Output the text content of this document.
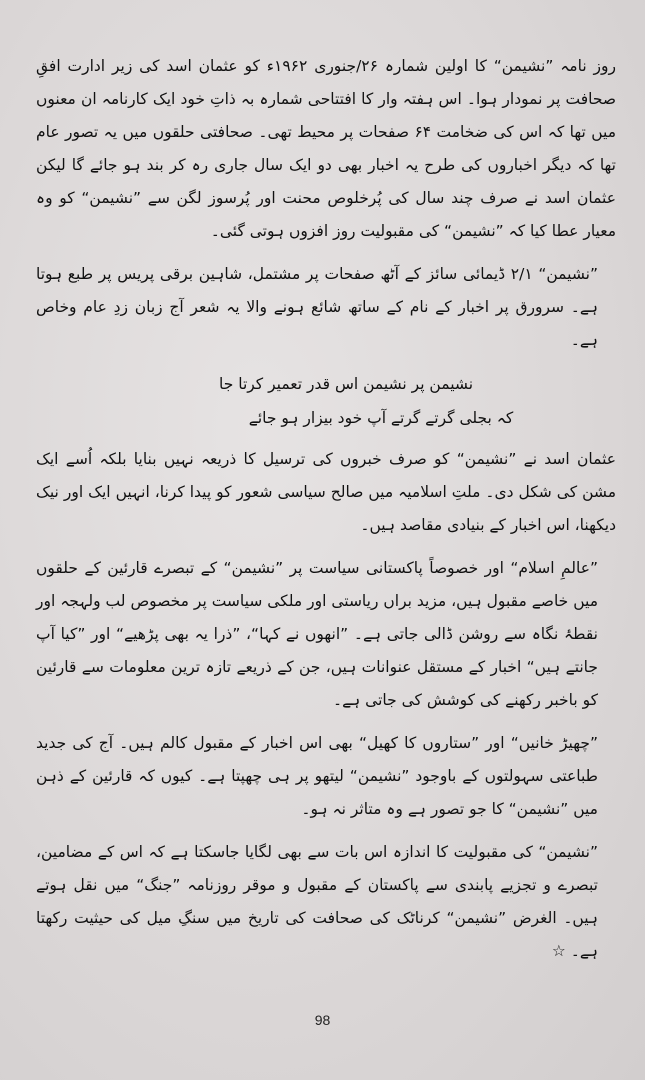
روز نامہ ”نشیمن“ کا اولین شمارہ ۲۶/جنوری ۱۹۶۲ء کو عثمان اسد کی زیر ادارت افقِ صحافت پر نمودار ہوا۔ اس ہفتہ وار کا افتتاحی شمارہ بہ ذاتِ خود ایک کارنامہ ان معنوں میں تھا کہ اس کی ضخامت ۶۴ صفحات پر محیط تھی۔ صحافتی حلقوں میں یہ تصور عام تھا کہ دیگر اخباروں کی طرح یہ اخبار بھی دو ایک سال جاری رہ کر بند ہو جائے گا لیکن عثمان اسد نے صرف چند سال کی پُرخلوص محنت اور پُرسوز لگن سے ”نشیمن“ کو وہ معیار عطا کیا کہ ”نشیمن“ کی مقبولیت روز افزوں ہوتی گئی۔

”نشیمن“ ۲/۱ ڈیمائی سائز کے آٹھ صفحات پر مشتمل، شاہین برقی پریس پر طبع ہوتا ہے۔ سرورق پر اخبار کے نام کے ساتھ شائع ہونے والا یہ شعر آج زبان زدِ عام وخاص ہے۔

نشیمن پر نشیمن اس قدر تعمیر کرتا جا
کہ بجلی گرتے گرتے آپ خود بیزار ہو جائے

عثمان اسد نے ”نشیمن“ کو صرف خبروں کی ترسیل کا ذریعہ نہیں بنایا بلکہ اُسے ایک مشن کی شکل دی۔ ملتِ اسلامیہ میں صالح سیاسی شعور کو پیدا کرنا، انہیں ایک اور نیک دیکھنا، اس اخبار کے بنیادی مقاصد ہیں۔

”عالمِ اسلام“ اور خصوصاً پاکستانی سیاست پر ”نشیمن“ کے تبصرے قارئین کے حلقوں میں خاصے مقبول ہیں، مزید براں ریاستی اور ملکی سیاست پر مخصوص لب ولہجہ اور نقطۂ نگاہ سے روشن ڈالی جاتی ہے۔ ”انھوں نے کہا“، ”ذرا یہ بھی پڑھیے“ اور ”کیا آپ جانتے ہیں“ اخبار کے مستقل عنوانات ہیں، جن کے ذریعے تازہ ترین معلومات سے قارئین کو باخبر رکھنے کی کوشش کی جاتی ہے۔

”چھیڑ خانیں“ اور ”ستاروں کا کھیل“ بھی اس اخبار کے مقبول کالم ہیں۔ آج کی جدید طباعتی سہولتوں کے باوجود ”نشیمن“ لیتھو پر ہی چھپتا ہے۔ کیوں کہ قارئین کے ذہن میں ”نشیمن“ کا جو تصور ہے وہ متاثر نہ ہو۔

”نشیمن“ کی مقبولیت کا اندازہ اس بات سے بھی لگایا جاسکتا ہے کہ اس کے مضامین، تبصرے و تجزیے پابندی سے پاکستان کے مقبول و موقر روزنامہ ”جنگ“ میں نقل ہوتے ہیں۔ الغرض ”نشیمن“ کرناٹک کی صحافت کی تاریخ میں سنگِ میل کی حیثیت رکھتا ہے۔ ☆

98
